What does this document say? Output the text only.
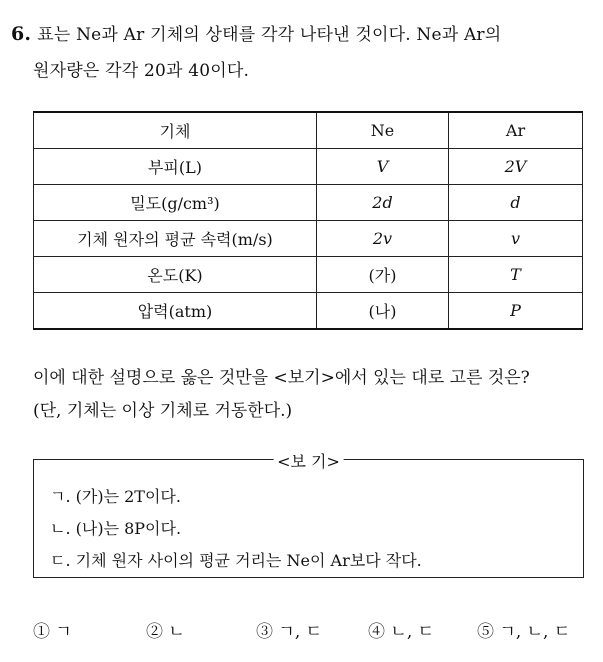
6. 표는 Ne과 Ar 기체의 상태를 각각 나타낸 것이다. Ne과 Ar의
원자량은 각각 20과 40이다.
기체	Ne	Ar
부피(L)	V	2V
밀도(g/cm³)	2d	d
기체 원자의 평균 속력(m/s)	2v	v
온도(K)	(가)	T
압력(atm)	(나)	P
이에 대한 설명으로 옳은 것만을 <보기>에서 있는 대로 고른 것은?
(단, 기체는 이상 기체로 거동한다.)
<보 기>
ㄱ. (가)는 2T이다.
ㄴ. (나)는 8P이다.
ㄷ. 기체 원자 사이의 평균 거리는 Ne이 Ar보다 작다.
① ㄱ	② ㄴ	③ ㄱ, ㄷ	④ ㄴ, ㄷ	⑤ ㄱ, ㄴ, ㄷ
